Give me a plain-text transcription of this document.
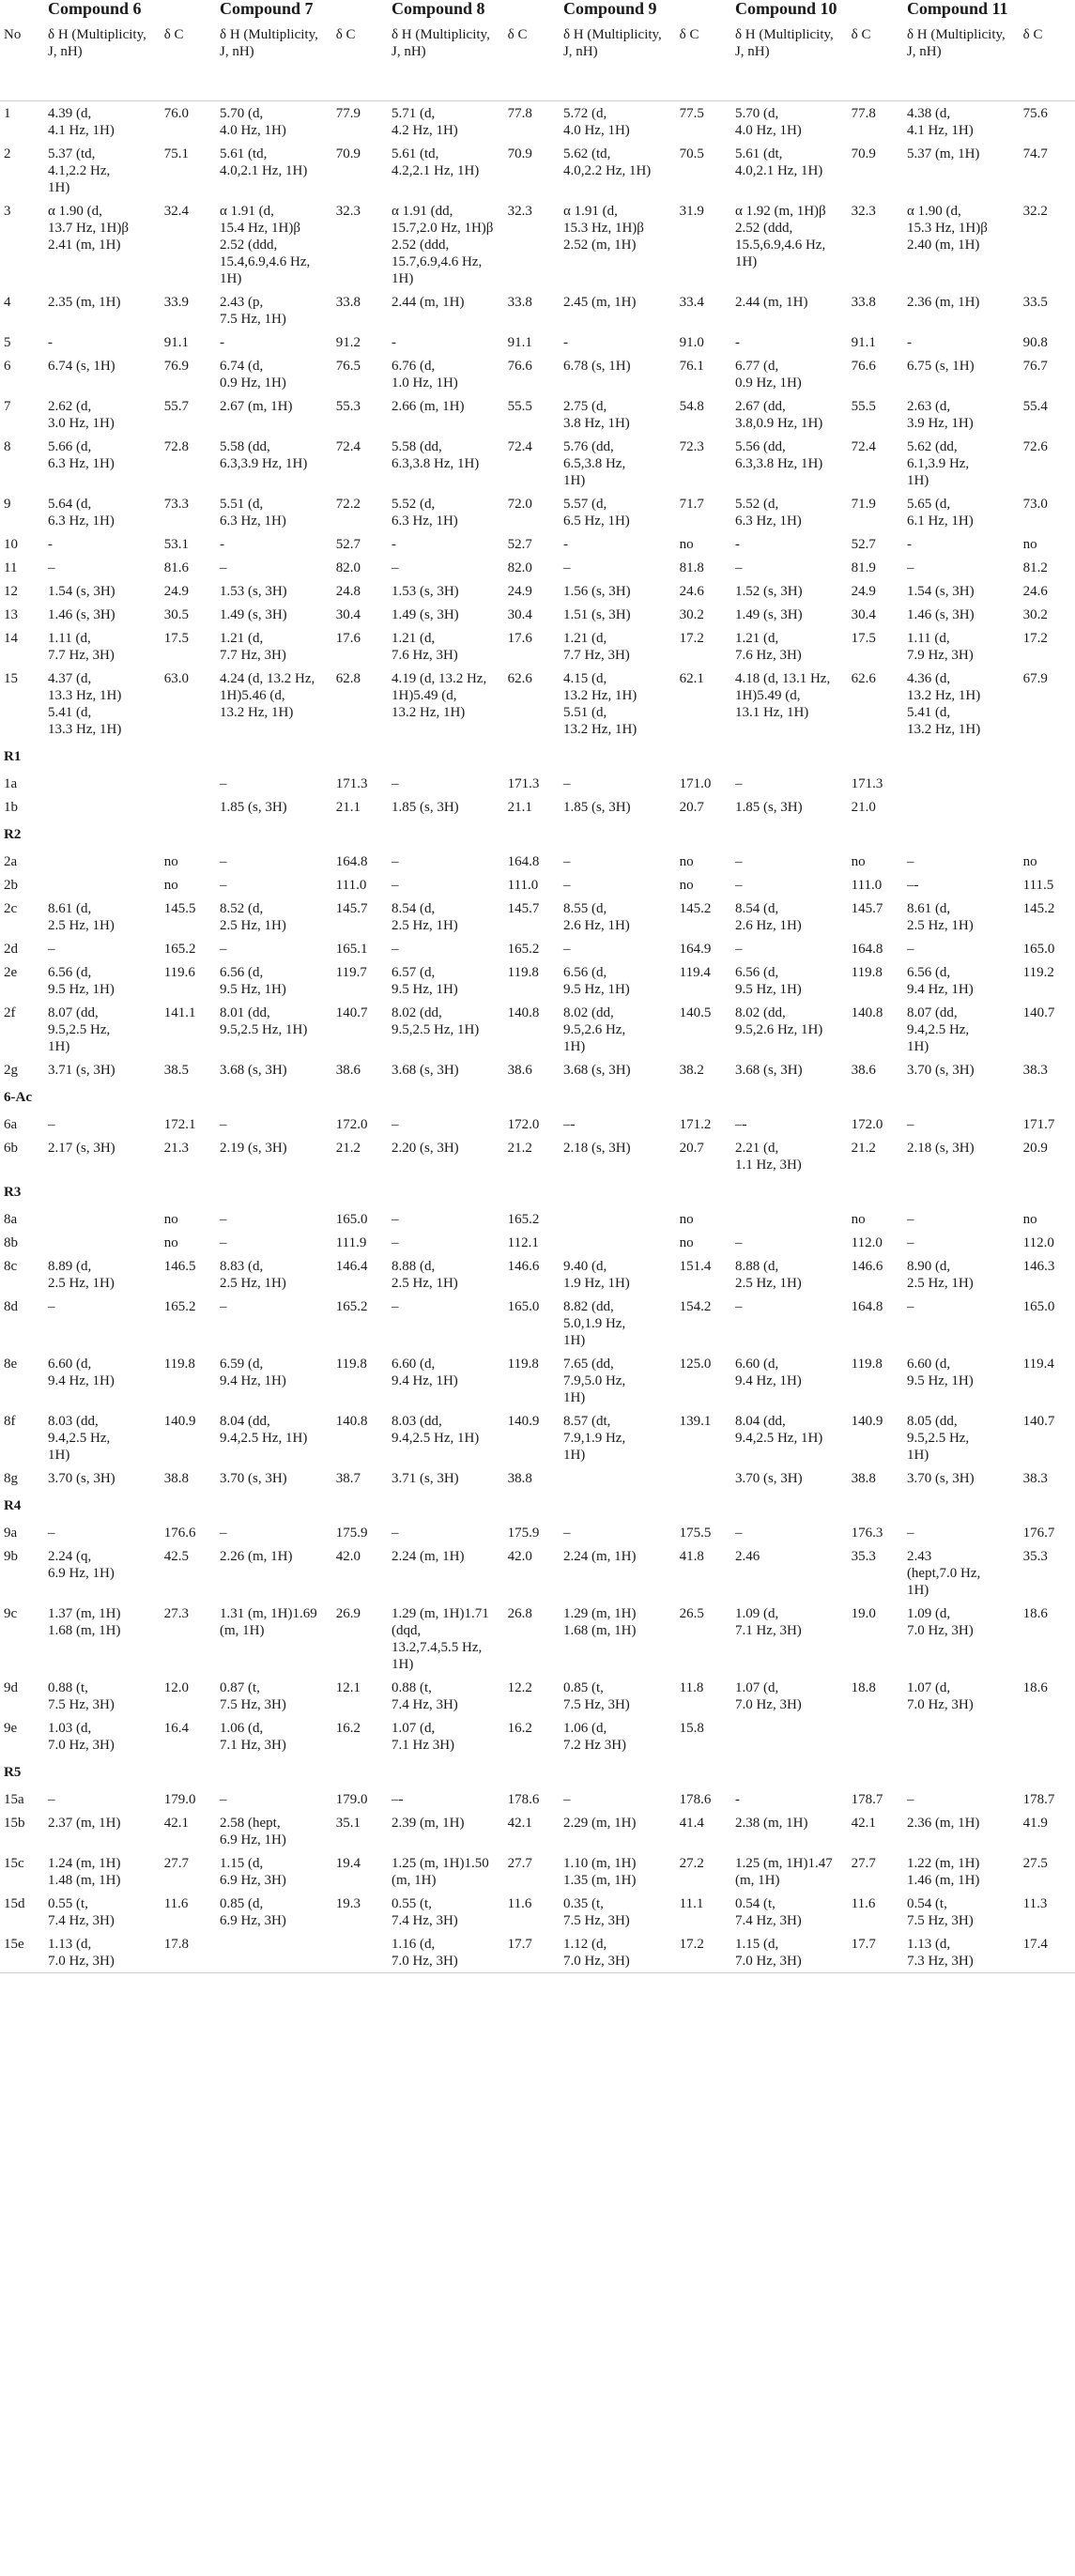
	Compound 6		Compound 7		Compound 8		Compound 9		Compound 10		Compound 11	
No	δ H (Multiplicity, J, nH)	δ C	δ H (Multiplicity, J, nH)	δ C	δ H (Multiplicity, J, nH)	δ C	δ H (Multiplicity, J, nH)	δ C	δ H (Multiplicity, J, nH)	δ C	δ H (Multiplicity, J, nH)	δ C
1	4.39 (d,
4.1 Hz, 1H)	76.0	5.70 (d,
4.0 Hz, 1H)	77.9	5.71 (d,
4.2 Hz, 1H)	77.8	5.72 (d,
4.0 Hz, 1H)	77.5	5.70 (d,
4.0 Hz, 1H)	77.8	4.38 (d,
4.1 Hz, 1H)	75.6
2	5.37 (td,
4.1,2.2 Hz,
1H)	75.1	5.61 (td,
4.0,2.1 Hz, 1H)	70.9	5.61 (td,
4.2,2.1 Hz, 1H)	70.9	5.62 (td,
4.0,2.2 Hz, 1H)	70.5	5.61 (dt,
4.0,2.1 Hz, 1H)	70.9	5.37 (m, 1H)	74.7
3	α 1.90 (d,
13.7 Hz, 1H)β
2.41 (m, 1H)	32.4	α 1.91 (d,
15.4 Hz, 1H)β
2.52 (ddd,
15.4,6.9,4.6 Hz,
1H)	32.3	α 1.91 (dd,
15.7,2.0 Hz, 1H)β
2.52 (ddd,
15.7,6.9,4.6 Hz,
1H)	32.3	α 1.91 (d,
15.3 Hz, 1H)β
2.52 (m, 1H)	31.9	α 1.92 (m, 1H)β
2.52 (ddd,
15.5,6.9,4.6 Hz,
1H)	32.3	α 1.90 (d,
15.3 Hz, 1H)β
2.40 (m, 1H)	32.2
4	2.35 (m, 1H)	33.9	2.43 (p,
7.5 Hz, 1H)	33.8	2.44 (m, 1H)	33.8	2.45 (m, 1H)	33.4	2.44 (m, 1H)	33.8	2.36 (m, 1H)	33.5
5	-	91.1	-	91.2	-	91.1	-	91.0	-	91.1	-	90.8
6	6.74 (s, 1H)	76.9	6.74 (d,
0.9 Hz, 1H)	76.5	6.76 (d,
1.0 Hz, 1H)	76.6	6.78 (s, 1H)	76.1	6.77 (d,
0.9 Hz, 1H)	76.6	6.75 (s, 1H)	76.7
7	2.62 (d,
3.0 Hz, 1H)	55.7	2.67 (m, 1H)	55.3	2.66 (m, 1H)	55.5	2.75 (d,
3.8 Hz, 1H)	54.8	2.67 (dd,
3.8,0.9 Hz, 1H)	55.5	2.63 (d,
3.9 Hz, 1H)	55.4
8	5.66 (d,
6.3 Hz, 1H)	72.8	5.58 (dd,
6.3,3.9 Hz, 1H)	72.4	5.58 (dd,
6.3,3.8 Hz, 1H)	72.4	5.76 (dd,
6.5,3.8 Hz,
1H)	72.3	5.56 (dd,
6.3,3.8 Hz, 1H)	72.4	5.62 (dd,
6.1,3.9 Hz,
1H)	72.6
9	5.64 (d,
6.3 Hz, 1H)	73.3	5.51 (d,
6.3 Hz, 1H)	72.2	5.52 (d,
6.3 Hz, 1H)	72.0	5.57 (d,
6.5 Hz, 1H)	71.7	5.52 (d,
6.3 Hz, 1H)	71.9	5.65 (d,
6.1 Hz, 1H)	73.0
10	-	53.1	-	52.7	-	52.7	-	no	-	52.7	-	no
11	–	81.6	–	82.0	–	82.0	–	81.8	–	81.9	–	81.2
12	1.54 (s, 3H)	24.9	1.53 (s, 3H)	24.8	1.53 (s, 3H)	24.9	1.56 (s, 3H)	24.6	1.52 (s, 3H)	24.9	1.54 (s, 3H)	24.6
13	1.46 (s, 3H)	30.5	1.49 (s, 3H)	30.4	1.49 (s, 3H)	30.4	1.51 (s, 3H)	30.2	1.49 (s, 3H)	30.4	1.46 (s, 3H)	30.2
14	1.11 (d,
7.7 Hz, 3H)	17.5	1.21 (d,
7.7 Hz, 3H)	17.6	1.21 (d,
7.6 Hz, 3H)	17.6	1.21 (d,
7.7 Hz, 3H)	17.2	1.21 (d,
7.6 Hz, 3H)	17.5	1.11 (d,
7.9 Hz, 3H)	17.2
15	4.37 (d,
13.3 Hz, 1H)
5.41 (d,
13.3 Hz, 1H)	63.0	4.24 (d, 13.2 Hz,
1H)5.46 (d,
13.2 Hz, 1H)	62.8	4.19 (d, 13.2 Hz,
1H)5.49 (d,
13.2 Hz, 1H)	62.6	4.15 (d,
13.2 Hz, 1H)
5.51 (d,
13.2 Hz, 1H)	62.1	4.18 (d, 13.1 Hz,
1H)5.49 (d,
13.1 Hz, 1H)	62.6	4.36 (d,
13.2 Hz, 1H)
5.41 (d,
13.2 Hz, 1H)	67.9
R1												
1a			–	171.3	–	171.3	–	171.0	–	171.3		
1b			1.85 (s, 3H)	21.1	1.85 (s, 3H)	21.1	1.85 (s, 3H)	20.7	1.85 (s, 3H)	21.0		
R2												
2a		no	–	164.8	–	164.8	–	no	–	no	–	no
2b		no	–	111.0	–	111.0	–	no	–	111.0	–-	111.5
2c	8.61 (d,
2.5 Hz, 1H)	145.5	8.52 (d,
2.5 Hz, 1H)	145.7	8.54 (d,
2.5 Hz, 1H)	145.7	8.55 (d,
2.6 Hz, 1H)	145.2	8.54 (d,
2.6 Hz, 1H)	145.7	8.61 (d,
2.5 Hz, 1H)	145.2
2d	–	165.2	–	165.1	–	165.2	–	164.9	–	164.8	–	165.0
2e	6.56 (d,
9.5 Hz, 1H)	119.6	6.56 (d,
9.5 Hz, 1H)	119.7	6.57 (d,
9.5 Hz, 1H)	119.8	6.56 (d,
9.5 Hz, 1H)	119.4	6.56 (d,
9.5 Hz, 1H)	119.8	6.56 (d,
9.4 Hz, 1H)	119.2
2f	8.07 (dd,
9.5,2.5 Hz,
1H)	141.1	8.01 (dd,
9.5,2.5 Hz, 1H)	140.7	8.02 (dd,
9.5,2.5 Hz, 1H)	140.8	8.02 (dd,
9.5,2.6 Hz,
1H)	140.5	8.02 (dd,
9.5,2.6 Hz, 1H)	140.8	8.07 (dd,
9.4,2.5 Hz,
1H)	140.7
2g	3.71 (s, 3H)	38.5	3.68 (s, 3H)	38.6	3.68 (s, 3H)	38.6	3.68 (s, 3H)	38.2	3.68 (s, 3H)	38.6	3.70 (s, 3H)	38.3
6-Ac												
6a	–	172.1	–	172.0	–	172.0	–-	171.2	–-	172.0	–	171.7
6b	2.17 (s, 3H)	21.3	2.19 (s, 3H)	21.2	2.20 (s, 3H)	21.2	2.18 (s, 3H)	20.7	2.21 (d,
1.1 Hz, 3H)	21.2	2.18 (s, 3H)	20.9
R3												
8a		no	–	165.0	–	165.2		no		no	–	no
8b		no	–	111.9	–	112.1		no	–	112.0	–	112.0
8c	8.89 (d,
2.5 Hz, 1H)	146.5	8.83 (d,
2.5 Hz, 1H)	146.4	8.88 (d,
2.5 Hz, 1H)	146.6	9.40 (d,
1.9 Hz, 1H)	151.4	8.88 (d,
2.5 Hz, 1H)	146.6	8.90 (d,
2.5 Hz, 1H)	146.3
8d	–	165.2	–	165.2	–	165.0	8.82 (dd,
5.0,1.9 Hz,
1H)	154.2	–	164.8	–	165.0
8e	6.60 (d,
9.4 Hz, 1H)	119.8	6.59 (d,
9.4 Hz, 1H)	119.8	6.60 (d,
9.4 Hz, 1H)	119.8	7.65 (dd,
7.9,5.0 Hz,
1H)	125.0	6.60 (d,
9.4 Hz, 1H)	119.8	6.60 (d,
9.5 Hz, 1H)	119.4
8f	8.03 (dd,
9.4,2.5 Hz,
1H)	140.9	8.04 (dd,
9.4,2.5 Hz, 1H)	140.8	8.03 (dd,
9.4,2.5 Hz, 1H)	140.9	8.57 (dt,
7.9,1.9 Hz,
1H)	139.1	8.04 (dd,
9.4,2.5 Hz, 1H)	140.9	8.05 (dd,
9.5,2.5 Hz,
1H)	140.7
8g	3.70 (s, 3H)	38.8	3.70 (s, 3H)	38.7	3.71 (s, 3H)	38.8			3.70 (s, 3H)	38.8	3.70 (s, 3H)	38.3
R4												
9a	–	176.6	–	175.9	–	175.9	–	175.5	–	176.3	–	176.7
9b	2.24 (q,
6.9 Hz, 1H)	42.5	2.26 (m, 1H)	42.0	2.24 (m, 1H)	42.0	2.24 (m, 1H)	41.8	2.46	35.3	2.43
(hept,7.0 Hz,
1H)	35.3
9c	1.37 (m, 1H)
1.68 (m, 1H)	27.3	1.31 (m, 1H)1.69
(m, 1H)	26.9	1.29 (m, 1H)1.71
(dqd,
13.2,7.4,5.5 Hz,
1H)	26.8	1.29 (m, 1H)
1.68 (m, 1H)	26.5	1.09 (d,
7.1 Hz, 3H)	19.0	1.09 (d,
7.0 Hz, 3H)	18.6
9d	0.88 (t,
7.5 Hz, 3H)	12.0	0.87 (t,
7.5 Hz, 3H)	12.1	0.88 (t,
7.4 Hz, 3H)	12.2	0.85 (t,
7.5 Hz, 3H)	11.8	1.07 (d,
7.0 Hz, 3H)	18.8	1.07 (d,
7.0 Hz, 3H)	18.6
9e	1.03 (d,
7.0 Hz, 3H)	16.4	1.06 (d,
7.1 Hz, 3H)	16.2	1.07 (d,
7.1 Hz 3H)	16.2	1.06 (d,
7.2 Hz 3H)	15.8				
R5												
15a	–	179.0	–	179.0	–-	178.6	–	178.6	-	178.7	–	178.7
15b	2.37 (m, 1H)	42.1	2.58 (hept,
6.9 Hz, 1H)	35.1	2.39 (m, 1H)	42.1	2.29 (m, 1H)	41.4	2.38 (m, 1H)	42.1	2.36 (m, 1H)	41.9
15c	1.24 (m, 1H)
1.48 (m, 1H)	27.7	1.15 (d,
6.9 Hz, 3H)	19.4	1.25 (m, 1H)1.50
(m, 1H)	27.7	1.10 (m, 1H)
1.35 (m, 1H)	27.2	1.25 (m, 1H)1.47
(m, 1H)	27.7	1.22 (m, 1H)
1.46 (m, 1H)	27.5
15d	0.55 (t,
7.4 Hz, 3H)	11.6	0.85 (d,
6.9 Hz, 3H)	19.3	0.55 (t,
7.4 Hz, 3H)	11.6	0.35 (t,
7.5 Hz, 3H)	11.1	0.54 (t,
7.4 Hz, 3H)	11.6	0.54 (t,
7.5 Hz, 3H)	11.3
15e	1.13 (d,
7.0 Hz, 3H)	17.8			1.16 (d,
7.0 Hz, 3H)	17.7	1.12 (d,
7.0 Hz, 3H)	17.2	1.15 (d,
7.0 Hz, 3H)	17.7	1.13 (d,
7.3 Hz, 3H)	17.4
